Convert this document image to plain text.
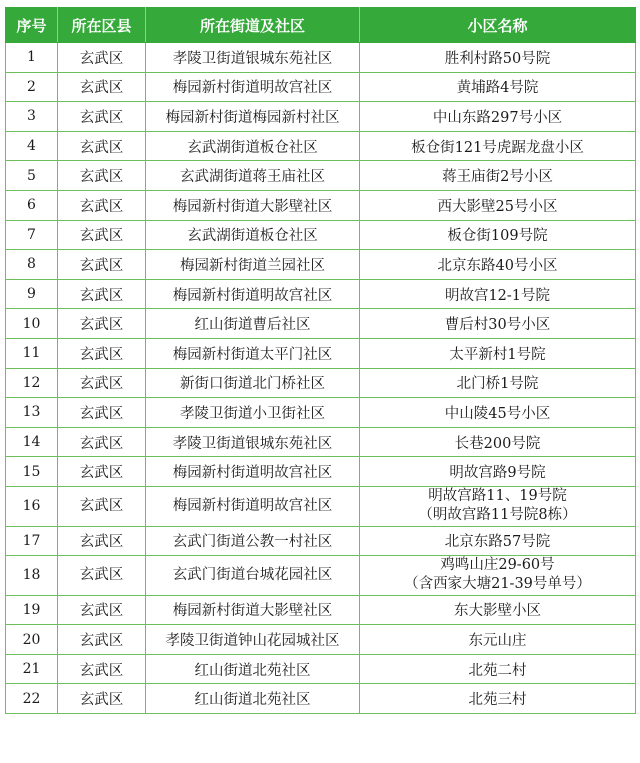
序号	所在区县	所在街道及社区	小区名称
1	玄武区	孝陵卫街道银城东苑社区	胜利村路50号院

2	玄武区	梅园新村街道明故宫社区	黄埔路4号院

3	玄武区	梅园新村街道梅园新村社区	中山东路297号小区

4	玄武区	玄武湖街道板仓社区	板仓街121号虎踞龙盘小区

5	玄武区	玄武湖街道蒋王庙社区	蒋王庙街2号小区

6	玄武区	梅园新村街道大影壁社区	西大影壁25号小区

7	玄武区	玄武湖街道板仓社区	板仓街109号院

8	玄武区	梅园新村街道兰园社区	北京东路40号小区

9	玄武区	梅园新村街道明故宫社区	明故宫12-1号院

10	玄武区	红山街道曹后社区	曹后村30号小区

11	玄武区	梅园新村街道太平门社区	太平新村1号院

12	玄武区	新街口街道北门桥社区	北门桥1号院

13	玄武区	孝陵卫街道小卫街社区	中山陵45号小区

14	玄武区	孝陵卫街道银城东苑社区	长巷200号院

15	玄武区	梅园新村街道明故宫社区	明故宫路9号院

16	玄武区	梅园新村街道明故宫社区	明故宫路11、19号院
（明故宫路11号院8栋）

17	玄武区	玄武门街道公教一村社区	北京东路57号院

18	玄武区	玄武门街道台城花园社区	鸡鸣山庄29-60号
（含西家大塘21-39号单号）

19	玄武区	梅园新村街道大影壁社区	东大影壁小区

20	玄武区	孝陵卫街道钟山花园城社区	东元山庄

21	玄武区	红山街道北苑社区	北苑二村

22	玄武区	红山街道北苑社区	北苑三村
